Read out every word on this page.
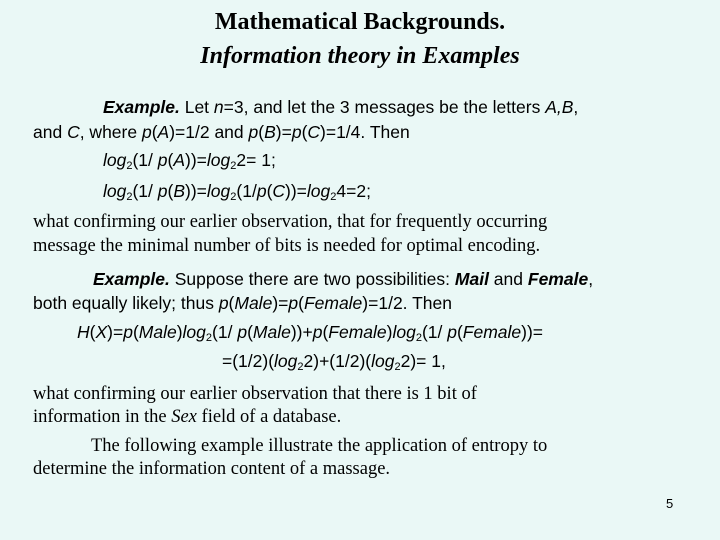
Mathematical Backgrounds.
Information theory in Examples
Example. Let n=3, and let the 3 messages be the letters A,B,
and C, where p(A)=1/2 and p(B)=p(C)=1/4. Then
$\log_2(1/$ $p(A))=\log_22= 1$;
$\log_2(1/$ $p(B))=\log_2(1/p(C))=\log_24=2$;
what confirming our earlier observation, that for frequently occurring
message the minimal number of bits is needed for optimal encoding.
Example. Suppose there are two possibilities: Mail and Female,
both equally likely; thus p(Male)=p(Female)=1/2. Then
$H(X)=p(Male)\log_2(1/$ $p(Male))+p(Female)\log_2(1/$ p(Female))=
$=(1/2)(\log_22)+(1/2)(\log_22)= 1$,
what confirming our earlier observation that there is 1 bit of
information in the Sex field of a database.
The following example illustrate the application of entropy to
determine the information content of a massage.
5
